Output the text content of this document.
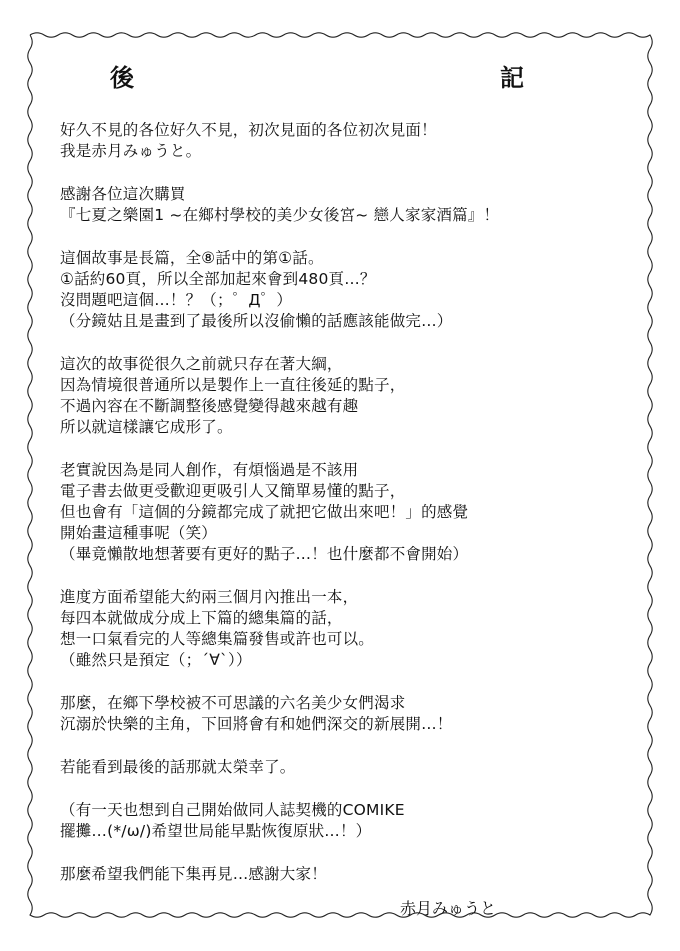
後	記
好久不見的各位好久不見，初次見面的各位初次見面！
我是赤月みゅうと。
感謝各位這次購買
『七夏之樂園1 ~在鄉村學校的美少女後宮~ 戀人家家酒篇』！
這個故事是長篇，全⑧話中的第①話。
①話約60頁，所以全部加起來會到480頁…？
沒問題吧這個…！？（；゜Д゜）
（分鏡姑且是畫到了最後所以沒偷懶的話應該能做完…）
這次的故事從很久之前就只存在著大綱，
因為情境很普通所以是製作上一直往後延的點子，
不過內容在不斷調整後感覺變得越來越有趣
所以就這樣讓它成形了。
老實說因為是同人創作，有煩惱過是不該用
電子書去做更受歡迎更吸引人又簡單易懂的點子，
但也會有「這個的分鏡都完成了就把它做出來吧！」的感覺
開始畫這種事呢（笑）
（畢竟懶散地想著要有更好的點子…！也什麼都不會開始）
進度方面希望能大約兩三個月內推出一本，
每四本就做成分成上下篇的總集篇的話，
想一口氣看完的人等總集篇發售或許也可以。
（雖然只是預定（；´∀`））
那麼，在鄉下學校被不可思議的六名美少女們渴求
沉溺於快樂的主角，下回將會有和她們深交的新展開…！
若能看到最後的話那就太榮幸了。
（有一天也想到自己開始做同人誌契機的COMIKE
擺攤…(*/ω/)希望世局能早點恢復原狀…！）
那麼希望我們能下集再見…感謝大家！
赤月みゅうと
